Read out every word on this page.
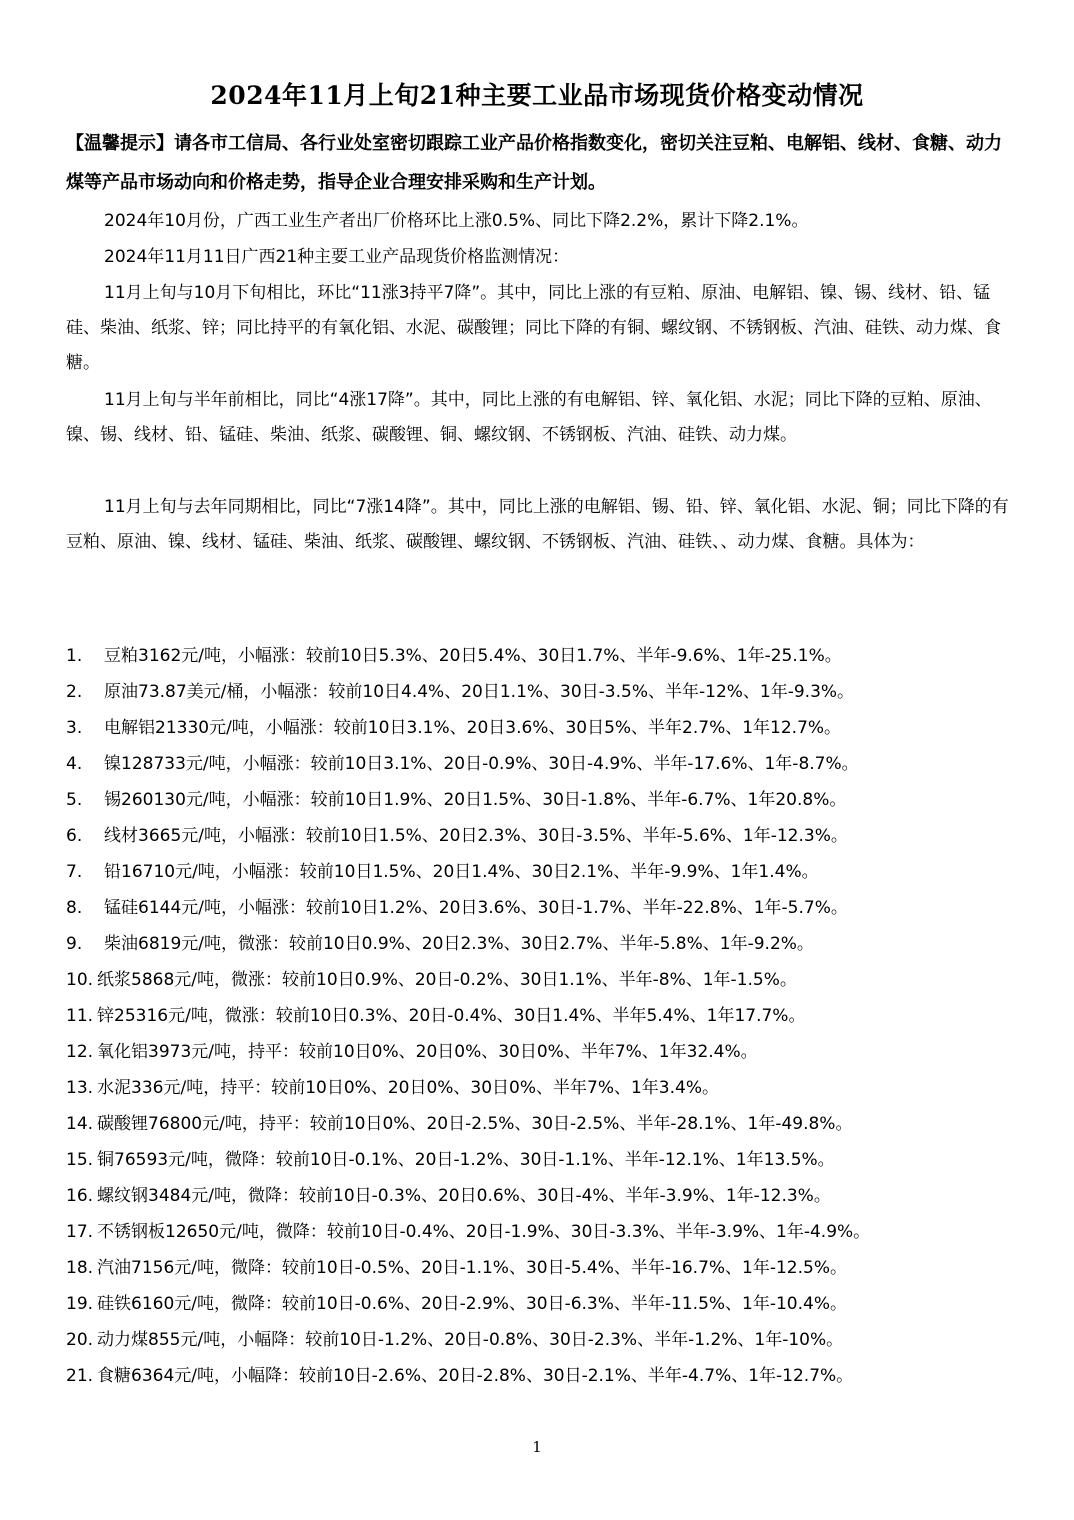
2024年11月上旬21种主要工业品市场现货价格变动情况
【温馨提示】请各市工信局、各行业处室密切跟踪工业产品价格指数变化，密切关注豆粕、电解铝、线材、食糖、动力煤等产品市场动向和价格走势，指导企业合理安排采购和生产计划。

2024年10月份，广西工业生产者出厂价格环比上涨0.5%、同比下降2.2%，累计下降2.1%。

2024年11月11日广西21种主要工业产品现货价格监测情况：

11月上旬与10月下旬相比，环比“11涨3持平7降”。其中，同比上涨的有豆粕、原油、电解铝、镍、锡、线材、铅、锰硅、柴油、纸浆、锌；同比持平的有氧化铝、水泥、碳酸锂；同比下降的有铜、螺纹钢、不锈钢板、汽油、硅铁、动力煤、食糖。

11月上旬与半年前相比，同比“4涨17降”。其中，同比上涨的有电解铝、锌、氧化铝、水泥；同比下降的豆粕、原油、镍、锡、线材、铅、锰硅、柴油、纸浆、碳酸锂、铜、螺纹钢、不锈钢板、汽油、硅铁、动力煤。

11月上旬与去年同期相比，同比“7涨14降”。其中，同比上涨的电解铝、锡、铅、锌、氧化铝、水泥、铜；同比下降的有豆粕、原油、镍、线材、锰硅、柴油、纸浆、碳酸锂、螺纹钢、不锈钢板、汽油、硅铁、、动力煤、食糖。具体为：

1. 豆粕3162元/吨，小幅涨：较前10日5.3%、20日5.4%、30日1.7%、半年-9.6%、1年-25.1%。
2. 原油73.87美元/桶，小幅涨：较前10日4.4%、20日1.1%、30日-3.5%、半年-12%、1年-9.3%。
3. 电解铝21330元/吨，小幅涨：较前10日3.1%、20日3.6%、30日5%、半年2.7%、1年12.7%。
4. 镍128733元/吨，小幅涨：较前10日3.1%、20日-0.9%、30日-4.9%、半年-17.6%、1年-8.7%。
5. 锡260130元/吨，小幅涨：较前10日1.9%、20日1.5%、30日-1.8%、半年-6.7%、1年20.8%。
6. 线材3665元/吨，小幅涨：较前10日1.5%、20日2.3%、30日-3.5%、半年-5.6%、1年-12.3%。
7. 铅16710元/吨，小幅涨：较前10日1.5%、20日1.4%、30日2.1%、半年-9.9%、1年1.4%。
8. 锰硅6144元/吨，小幅涨：较前10日1.2%、20日3.6%、30日-1.7%、半年-22.8%、1年-5.7%。
9. 柴油6819元/吨，微涨：较前10日0.9%、20日2.3%、30日2.7%、半年-5.8%、1年-9.2%。
10. 纸浆5868元/吨，微涨：较前10日0.9%、20日-0.2%、30日1.1%、半年-8%、1年-1.5%。
11. 锌25316元/吨，微涨：较前10日0.3%、20日-0.4%、30日1.4%、半年5.4%、1年17.7%。
12. 氧化铝3973元/吨，持平：较前10日0%、20日0%、30日0%、半年7%、1年32.4%。
13. 水泥336元/吨，持平：较前10日0%、20日0%、30日0%、半年7%、1年3.4%。
14. 碳酸锂76800元/吨，持平：较前10日0%、20日-2.5%、30日-2.5%、半年-28.1%、1年-49.8%。
15. 铜76593元/吨，微降：较前10日-0.1%、20日-1.2%、30日-1.1%、半年-12.1%、1年13.5%。
16. 螺纹钢3484元/吨，微降：较前10日-0.3%、20日0.6%、30日-4%、半年-3.9%、1年-12.3%。
17. 不锈钢板12650元/吨，微降：较前10日-0.4%、20日-1.9%、30日-3.3%、半年-3.9%、1年-4.9%。
18. 汽油7156元/吨，微降：较前10日-0.5%、20日-1.1%、30日-5.4%、半年-16.7%、1年-12.5%。
19. 硅铁6160元/吨，微降：较前10日-0.6%、20日-2.9%、30日-6.3%、半年-11.5%、1年-10.4%。
20. 动力煤855元/吨，小幅降：较前10日-1.2%、20日-0.8%、30日-2.3%、半年-1.2%、1年-10%。
21. 食糖6364元/吨，小幅降：较前10日-2.6%、20日-2.8%、30日-2.1%、半年-4.7%、1年-12.7%。
1
